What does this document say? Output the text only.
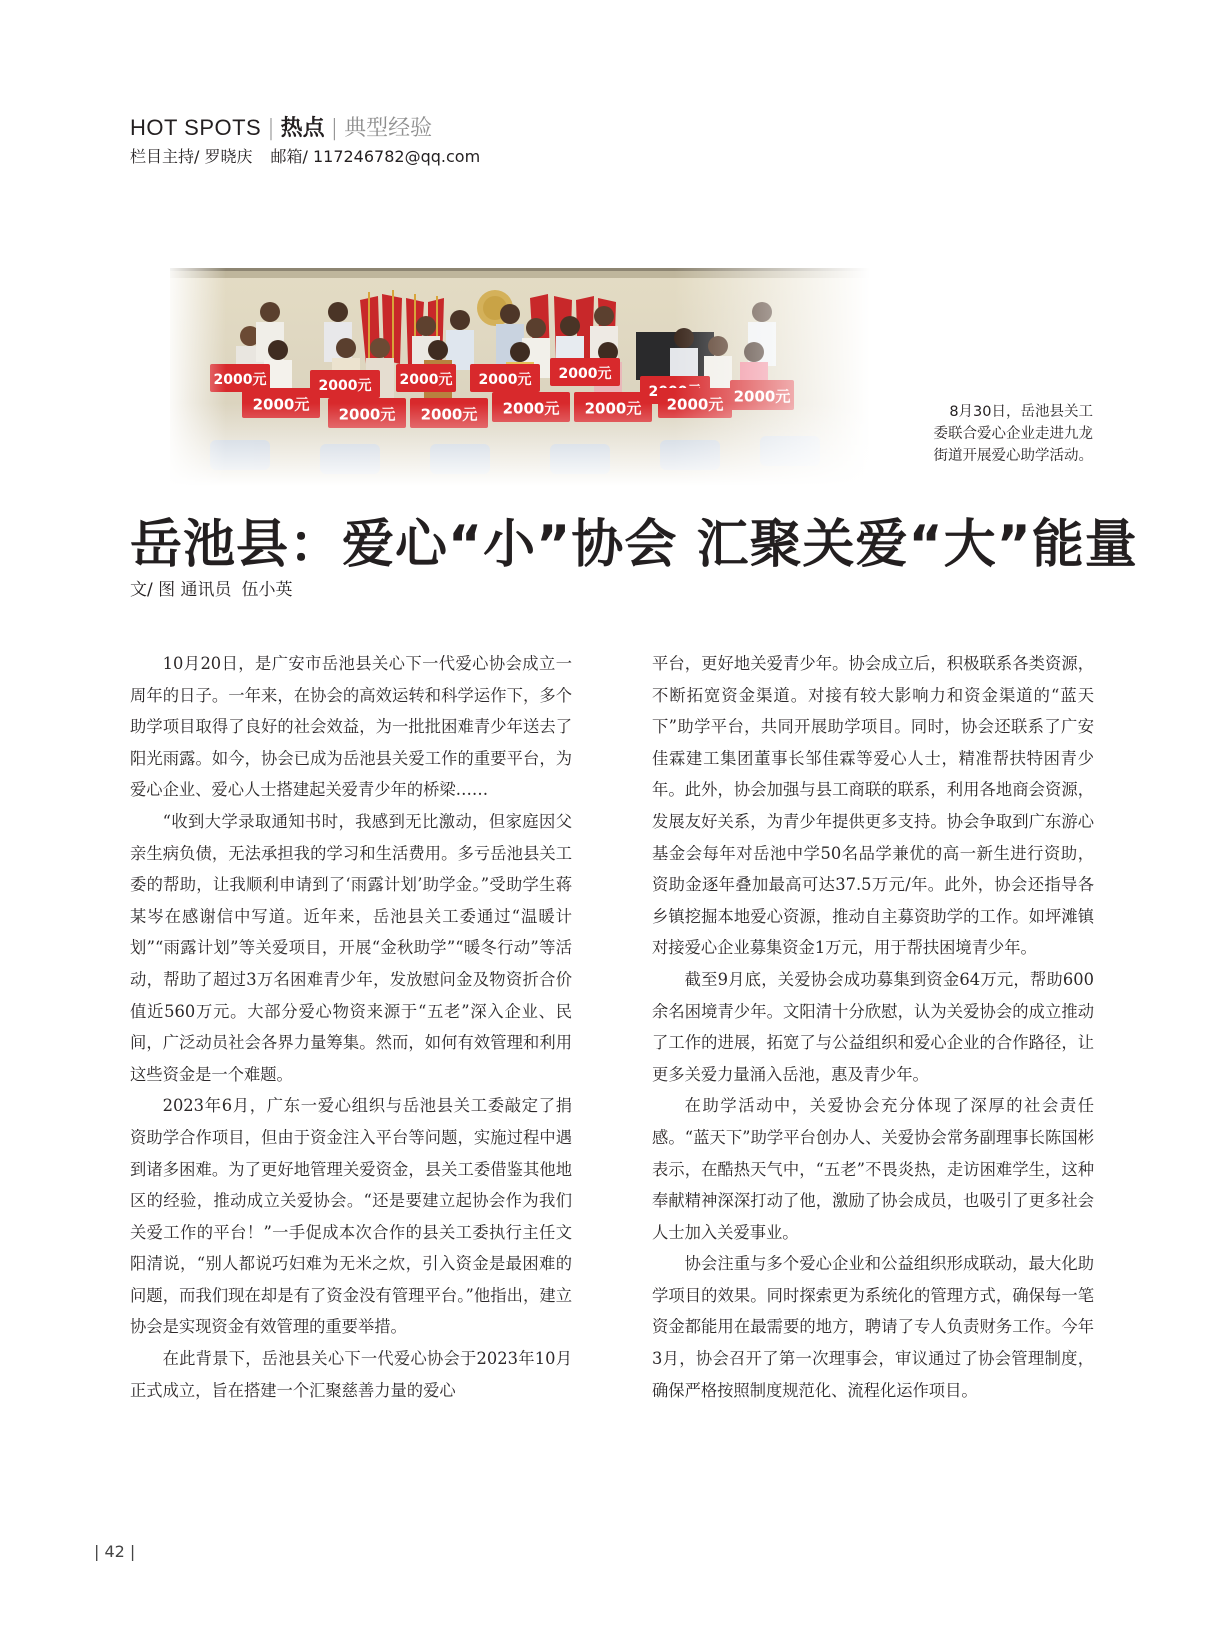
HOT SPOTS | 热点 | 典型经验
栏目主持/ 罗晓庆 邮箱/ 117246782@qq.com
8月30日，岳池县关工
委联合爱心企业走进九龙
街道开展爱心助学活动。
岳池县：爱心“小”协会 汇聚关爱“大”能量
文/ 图 通讯员 伍小英

10月20日，是广安市岳池县关心下一代爱心协会成立一周年的日子。一年来，在协会的高效运转和科学运作下，多个助学项目取得了良好的社会效益，为一批批困难青少年送去了阳光雨露。如今，协会已成为岳池县关爱工作的重要平台，为爱心企业、爱心人士搭建起关爱青少年的桥梁……

“收到大学录取通知书时，我感到无比激动，但家庭因父亲生病负债，无法承担我的学习和生活费用。多亏岳池县关工委的帮助，让我顺利申请到了‘雨露计划’助学金。”受助学生蒋某岑在感谢信中写道。近年来，岳池县关工委通过“温暖计划”“雨露计划”等关爱项目，开展“金秋助学”“暖冬行动”等活动，帮助了超过3万名困难青少年，发放慰问金及物资折合价值近560万元。大部分爱心物资来源于“五老”深入企业、民间，广泛动员社会各界力量筹集。然而，如何有效管理和利用这些资金是一个难题。

2023年6月，广东一爱心组织与岳池县关工委敲定了捐资助学合作项目，但由于资金注入平台等问题，实施过程中遇到诸多困难。为了更好地管理关爱资金，县关工委借鉴其他地区的经验，推动成立关爱协会。“还是要建立起协会作为我们关爱工作的平台！”一手促成本次合作的县关工委执行主任文阳清说，“别人都说巧妇难为无米之炊，引入资金是最困难的问题，而我们现在却是有了资金没有管理平台。”他指出，建立协会是实现资金有效管理的重要举措。

在此背景下，岳池县关心下一代爱心协会于2023年10月正式成立，旨在搭建一个汇聚慈善力量的爱心

平台，更好地关爱青少年。协会成立后，积极联系各类资源，不断拓宽资金渠道。对接有较大影响力和资金渠道的“蓝天下”助学平台，共同开展助学项目。同时，协会还联系了广安佳霖建工集团董事长邹佳霖等爱心人士，精准帮扶特困青少年。此外，协会加强与县工商联的联系，利用各地商会资源，发展友好关系，为青少年提供更多支持。协会争取到广东游心基金会每年对岳池中学50名品学兼优的高一新生进行资助，资助金逐年叠加最高可达37.5万元/年。此外，协会还指导各乡镇挖掘本地爱心资源，推动自主募资助学的工作。如坪滩镇对接爱心企业募集资金1万元，用于帮扶困境青少年。

截至9月底，关爱协会成功募集到资金64万元，帮助600余名困境青少年。文阳清十分欣慰，认为关爱协会的成立推动了工作的进展，拓宽了与公益组织和爱心企业的合作路径，让更多关爱力量涌入岳池，惠及青少年。

在助学活动中，关爱协会充分体现了深厚的社会责任感。“蓝天下”助学平台创办人、关爱协会常务副理事长陈国彬表示，在酷热天气中，“五老”不畏炎热，走访困难学生，这种奉献精神深深打动了他，激励了协会成员，也吸引了更多社会人士加入关爱事业。

协会注重与多个爱心企业和公益组织形成联动，最大化助学项目的效果。同时探索更为系统化的管理方式，确保每一笔资金都能用在最需要的地方，聘请了专人负责财务工作。今年3月，协会召开了第一次理事会，审议通过了协会管理制度，确保严格按照制度规范化、流程化运作项目。

| 42 |
